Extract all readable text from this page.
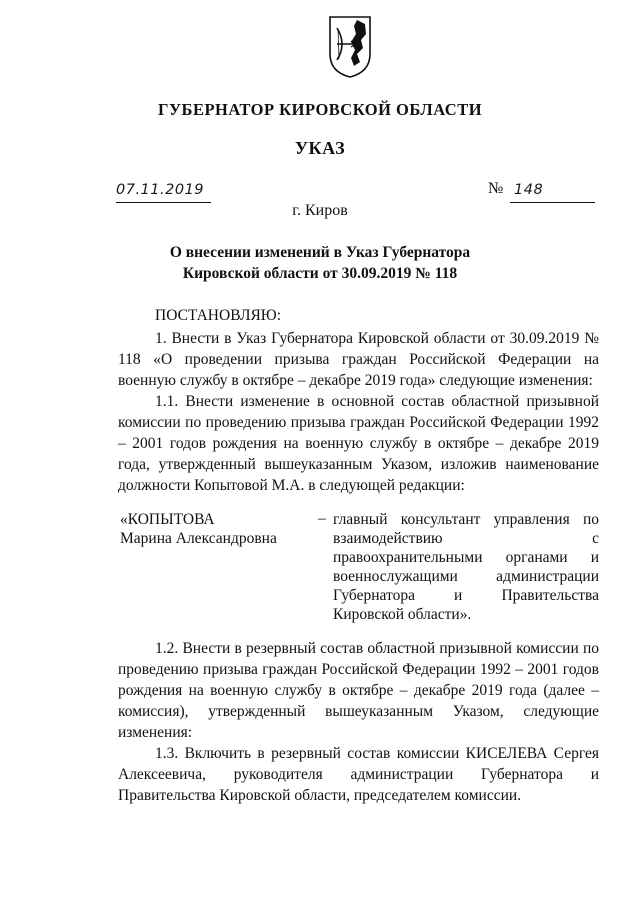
ГУБЕРНАТОР КИРОВСКОЙ ОБЛАСТИ
УКАЗ
07.11.2019	№ 148
г. Киров
О внесении изменений в Указ Губернатора
Кировской области от 30.09.2019 № 118
ПОСТАНОВЛЯЮ:

1. Внести в Указ Губернатора Кировской области от 30.09.2019 № 118 «О проведении призыва граждан Российской Федерации на военную службу в октябре – декабре 2019 года» следующие изменения:

1.1. Внести изменение в основной состав областной призывной комиссии по проведению призыва граждан Российской Федерации 1992 – 2001 годов рождения на военную службу в октябре – декабре 2019 года, утвержденный вышеуказанным Указом, изложив наименование должности Копытовой М.А. в следующей редакции:

«КОПЫТОВА
Марина Александровна
– главный консультант управления по взаимодействию с правоохранительными органами и военнослужащими администрации Губернатора и Правительства Кировской области».

1.2. Внести в резервный состав областной призывной комиссии по проведению призыва граждан Российской Федерации 1992 – 2001 годов рождения на военную службу в октябре – декабре 2019 года (далее – комиссия), утвержденный вышеуказанным Указом, следующие изменения:

1.3. Включить в резервный состав комиссии КИСЕЛЕВА Сергея Алексеевича, руководителя администрации Губернатора и Правительства Кировской области, председателем комиссии.
